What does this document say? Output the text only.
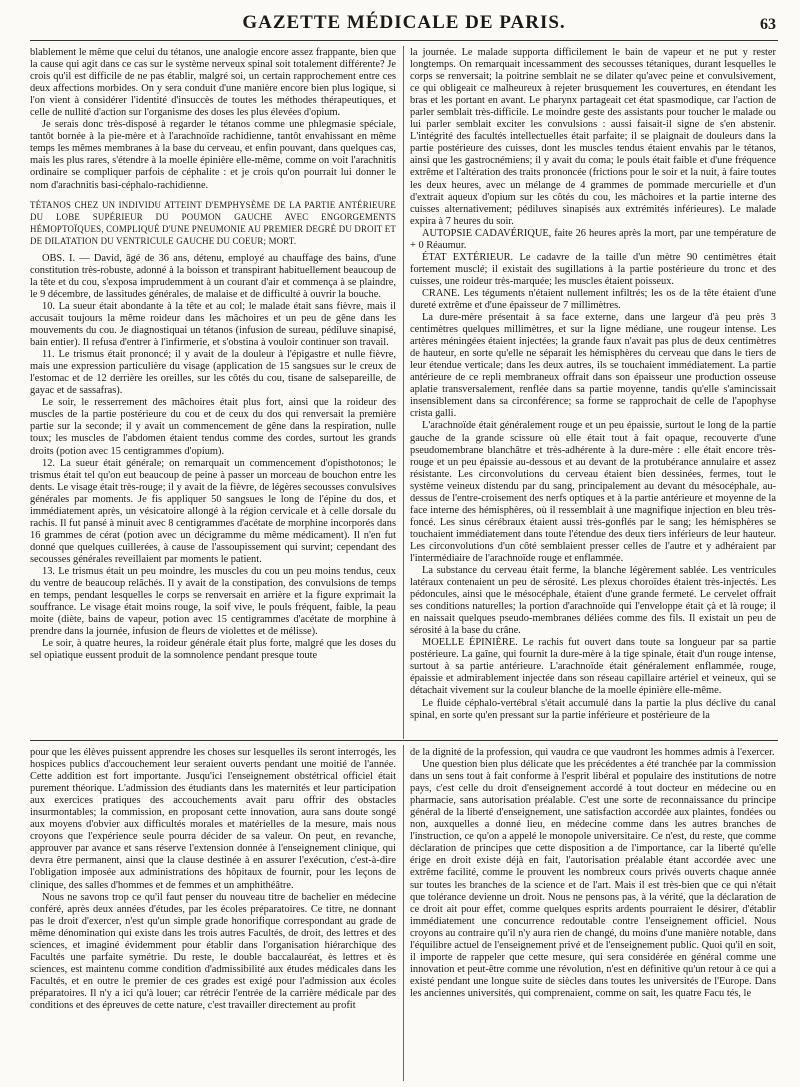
GAZETTE MÉDICALE DE PARIS.	63

blablement le même que celui du tétanos, une analogie encore assez frappante, bien que la cause qui agit dans ce cas sur le système nerveux spinal soit totalement différente? Je crois qu'il est difficile de ne pas établir, malgré soi, un certain rapprochement entre ces deux affections morbides. On y sera conduit d'une manière encore bien plus logique, si l'on vient à considérer l'identité d'insuccès de toutes les méthodes thérapeutiques, et celle de nullité d'action sur l'organisme des doses les plus élevées d'opium.

Je serais donc très-disposé à regarder le tétanos comme une phlegmasie spéciale, tantôt bornée à la pie-mère et à l'arachnoïde rachidienne, tantôt envahissant en même temps les mêmes membranes à la base du cerveau, et enfin pouvant, dans quelques cas, mais les plus rares, s'étendre à la moelle épinière elle-même, comme on voit l'arachnitis ordinaire se compliquer parfois de céphalite : et je crois qu'on pourrait lui donner le nom d'arachnitis basi-céphalo-rachidienne.

TÉTANOS CHEZ UN INDIVIDU ATTEINT D'EMPHYSÈME DE LA PARTIE ANTÉRIEURE DU LOBE SUPÉRIEUR DU POUMON GAUCHE AVEC ENGORGEMENTS HÉMOPTOÏQUES, COMPLIQUÉ D'UNE PNEUMONIE AU PREMIER DEGRÉ DU DROIT ET DE DILATATION DU VENTRICULE GAUCHE DU COEUR; MORT.

OBS. I. — David, âgé de 36 ans, détenu, employé au chauffage des bains, d'une constitution très-robuste, adonné à la boisson et transpirant habituellement beaucoup de la tête et du cou, s'exposa imprudemment à un courant d'air et commença à se plaindre, le 9 décembre, de lassitudes générales, de malaise et de difficulté à ouvrir la bouche.

10. La sueur était abondante à la tête et au col; le malade était sans fièvre, mais il accusait toujours la même roideur dans les mâchoires et un peu de gêne dans les mouvements du cou. Je diagnostiquai un tétanos (infusion de sureau, pédiluve sinapisé, bain entier). Il refusa d'entrer à l'infirmerie, et s'obstina à vouloir continuer son travail.

11. Le trismus était prononcé; il y avait de la douleur à l'épigastre et nulle fièvre, mais une expression particulière du visage (application de 15 sangsues sur le creux de l'estomac et de 12 derrière les oreilles, sur les côtés du cou, tisane de salsepareille, de gayac et de sassafras).

Le soir, le resserrement des mâchoires était plus fort, ainsi que la roideur des muscles de la partie postérieure du cou et de ceux du dos qui renversait la première partie sur la seconde; il y avait un commencement de gêne dans la respiration, nulle toux; les muscles de l'abdomen étaient tendus comme des cordes, surtout les grands droits (potion avec 15 centigrammes d'opium).

12. La sueur était générale; on remarquait un commencement d'opisthotonos; le trismus était tel qu'on eut beaucoup de peine à passer un morceau de bouchon entre les dents. Le visage était très-rouge; il y avait de la fièvre, de légères secousses convulsives générales par moments. Je fis appliquer 50 sangsues le long de l'épine du dos, et immédiatement après, un vésicatoire allongé à la région cervicale et à celle dorsale du rachis. Il fut pansé à minuit avec 8 centigrammes d'acétate de morphine incorporés dans 16 grammes de cérat (potion avec un décigramme du même médicament). Il n'en fut donné que quelques cuillerées, à cause de l'assoupissement qui survint; cependant des secousses générales reveillaient par moments le patient.

13. Le trismus était un peu moindre, les muscles du cou un peu moins tendus, ceux du ventre de beaucoup relâchés. Il y avait de la constipation, des convulsions de temps en temps, pendant lesquelles le corps se renversait en arrière et la figure exprimait la souffrance. Le visage était moins rouge, la soif vive, le pouls fréquent, faible, la peau moite (diète, bains de vapeur, potion avec 15 centigrammes d'acétate de morphine à prendre dans la journée, infusion de fleurs de violettes et de mélisse).

Le soir, à quatre heures, la roideur générale était plus forte, malgré que les doses du sel opiatique eussent produit de la somnolence pendant presque toute

la journée. Le malade supporta difficilement le bain de vapeur et ne put y rester longtemps. On remarquait incessamment des secousses tétaniques, durant lesquelles le corps se renversait; la poitrine semblait ne se dilater qu'avec peine et convulsivement, ce qui obligeait ce malheureux à rejeter brusquement les couvertures, en étendant les bras et les portant en avant. Le pharynx partageait cet état spasmodique, car l'action de parler semblait très-difficile. Le moindre geste des assistants pour toucher le malade ou lui parler semblait exciter les convulsions : aussi faisait-il signe de s'en abstenir. L'intégrité des facultés intellectuelles était parfaite; il se plaignait de douleurs dans la partie postérieure des cuisses, dont les muscles tendus étaient envahis par le tétanos, ainsi que les gastrocnémiens; il y avait du coma; le pouls était faible et d'une fréquence extrême et l'altération des traits prononcée (frictions pour le soir et la nuit, à faire toutes les deux heures, avec un mélange de 4 grammes de pommade mercurielle et d'un d'extrait aqueux d'opium sur les côtés du cou, les mâchoires et la partie interne des cuisses alternativement; pédiluves sinapisés aux extrémités inférieures). Le malade expira à 7 heures du soir.

AUTOPSIE CADAVÉRIQUE, faite 26 heures après la mort, par une température de + 0 Réaumur.

ÉTAT EXTÉRIEUR. Le cadavre de la taille d'un mètre 90 centimètres était fortement musclé; il existait des sugillations à la partie postérieure du tronc et des cuisses, une roideur très-marquée; les muscles étaient poisseux.

CRANE. Les téguments n'étaient nullement infiltrés; les os de la tête étaient d'une dureté extrême et d'une épaisseur de 7 millimètres.

La dure-mère présentait à sa face externe, dans une largeur d'à peu près 3 centimètres quelques millimètres, et sur la ligne médiane, une rougeur intense. Les artères méningées étaient injectées; la grande faux n'avait pas plus de deux centimètres de hauteur, en sorte qu'elle ne séparait les hémisphères du cerveau que dans le tiers de leur étendue verticale; dans les deux autres, ils se touchaient immédiatement. La partie antérieure de ce repli membraneux offrait dans son épaisseur une production osseuse aplatie transversalement, renflée dans sa partie moyenne, tandis qu'elle s'amincissait insensiblement dans sa circonférence; sa forme se rapprochait de celle de l'apophyse crista galli.

L'arachnoïde était généralement rouge et un peu épaissie, surtout le long de la partie gauche de la grande scissure où elle était tout à fait opaque, recouverte d'une pseudomembrane blanchâtre et très-adhérente à la dure-mère : elle était encore très-rouge et un peu épaissie au-dessous et au devant de la protubérance annulaire et assez résistante. Les circonvolutions du cerveau étaient bien dessinées, fermes, tout le système veineux distendu par du sang, principalement au devant du mésocéphale, au-dessus de l'entre-croisement des nerfs optiques et à la partie antérieure et moyenne de la face interne des hémisphères, où il ressemblait à une magnifique injection en bleu très-foncé. Les sinus cérébraux étaient aussi très-gonflés par le sang; les hémisphères se touchaient immédiatement dans toute l'étendue des deux tiers inférieurs de leur hauteur. Les circonvolutions d'un côté semblaient presser celles de l'autre et y adhéraient par l'intermédiaire de l'arachnoïde rouge et enflammée.

La substance du cerveau était ferme, la blanche légèrement sablée. Les ventricules latéraux contenaient un peu de sérosité. Les plexus choroïdes étaient très-injectés. Les pédoncules, ainsi que le mésocéphale, étaient d'une grande fermeté. Le cervelet offrait ses conditions naturelles; la portion d'arachnoïde qui l'enveloppe était çà et là rouge; il en naissait quelques pseudo-membranes déliées comme des fils. Il existait un peu de sérosité à la base du crâne.

MOELLE ÉPINIÈRE. Le rachis fut ouvert dans toute sa longueur par sa partie postérieure. La gaîne, qui fournit la dure-mère à la tige spinale, était d'un rouge intense, surtout à sa partie antérieure. L'arachnoïde était généralement enflammée, rouge, épaissie et admirablement injectée dans son réseau capillaire artériel et veineux, qui se détachait vivement sur la couleur blanche de la moelle épinière elle-même.

Le fluide céphalo-vertébral s'était accumulé dans la partie la plus déclive du canal spinal, en sorte qu'en pressant sur la partie inférieure et postérieure de la

pour que les élèves puissent apprendre les choses sur lesquelles ils seront interrogés, les hospices publics d'accouchement leur seraient ouverts pendant une moitié de l'année. Cette addition est fort importante. Jusqu'ici l'enseignement obstétrical officiel était purement théorique. L'admission des étudiants dans les maternités et leur participation aux exercices pratiques des accouchements avait paru offrir des obstacles insurmontables; la commission, en proposant cette innovation, aura sans doute songé aux moyens d'obvier aux difficultés morales et matérielles de la mesure, mais nous croyons que l'expérience seule pourra décider de sa valeur. On peut, en revanche, approuver par avance et sans réserve l'extension donnée à l'enseignement clinique, qui devra être permanent, ainsi que la clause destinée à en assurer l'exécution, c'est-à-dire l'obligation imposée aux administrations des hôpitaux de fournir, pour les leçons de clinique, des salles d'hommes et de femmes et un amphithéâtre.

Nous ne savons trop ce qu'il faut penser du nouveau titre de bachelier en médecine conféré, après deux années d'études, par les écoles préparatoires. Ce titre, ne donnant pas le droit d'exercer, n'est qu'un simple grade honorifique correspondant au grade de même dénomination qui existe dans les trois autres Facultés, de droit, des lettres et des sciences, et imaginé évidemment pour établir dans l'organisation hiérarchique des Facultés une parfaite symétrie. Du reste, le double baccalauréat, ès lettres et ès sciences, est maintenu comme condition d'admissibilité aux études médicales dans les Facultés, et en outre le premier de ces grades est exigé pour l'admission aux écoles préparatoires. Il n'y a ici qu'à louer; car rétrécir l'entrée de la carrière médicale par des conditions et des épreuves de cette nature, c'est travailler directement au profit

de la dignité de la profession, qui vaudra ce que vaudront les hommes admis à l'exercer.

Une question bien plus délicate que les précédentes a été tranchée par la commission dans un sens tout à fait conforme à l'esprit libéral et populaire des institutions de notre pays, c'est celle du droit d'enseignement accordé à tout docteur en médecine ou en pharmacie, sans autorisation préalable. C'est une sorte de reconnaissance du principe général de la liberté d'enseignement, une satisfaction accordée aux plaintes, fondées ou non, auxquelles a donné lieu, en médecine comme dans les autres branches de l'instruction, ce qu'on a appelé le monopole universitaire. Ce n'est, du reste, que comme déclaration de principes que cette disposition a de l'importance, car la liberté qu'elle érige en droit existe déjà en fait, l'autorisation préalable étant accordée avec une extrême facilité, comme le prouvent les nombreux cours privés ouverts chaque année sur toutes les branches de la science et de l'art. Mais il est très-bien que ce qui n'était que tolérance devienne un droit. Nous ne pensons pas, à la vérité, que la déclaration de ce droit ait pour effet, comme quelques esprits ardents pourraient le désirer, d'établir immédiatement une concurrence redoutable contre l'enseignement officiel. Nous croyons au contraire qu'il n'y aura rien de changé, du moins d'une manière notable, dans l'équilibre actuel de l'enseignement privé et de l'enseignement public. Quoi qu'il en soit, il importe de rappeler que cette mesure, qui sera considérée en général comme une innovation et peut-être comme une révolution, n'est en définitive qu'un retour à ce qui a existé pendant une longue suite de siècles dans toutes les universités de l'Europe. Dans les anciennes universités, qui comprenaient, comme on sait, les quatre Facu tés, le
